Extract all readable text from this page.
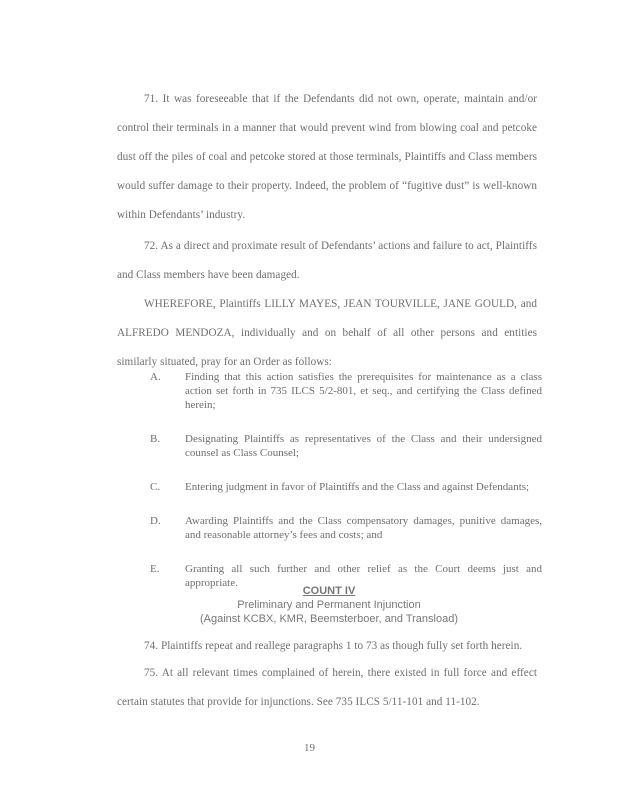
71. It was foreseeable that if the Defendants did not own, operate, maintain and/or control their terminals in a manner that would prevent wind from blowing coal and petcoke dust off the piles of coal and petcoke stored at those terminals, Plaintiffs and Class members would suffer damage to their property. Indeed, the problem of “fugitive dust” is well-known within Defendants’ industry.

72. As a direct and proximate result of Defendants’ actions and failure to act, Plaintiffs and Class members have been damaged.

WHEREFORE, Plaintiffs LILLY MAYES, JEAN TOURVILLE, JANE GOULD, and ALFREDO MENDOZA, individually and on behalf of all other persons and entities similarly situated, pray for an Order as follows:

A. Finding that this action satisfies the prerequisites for maintenance as a class action set forth in 735 ILCS 5/2-801, et seq., and certifying the Class defined herein;
B. Designating Plaintiffs as representatives of the Class and their undersigned counsel as Class Counsel;
C. Entering judgment in favor of Plaintiffs and the Class and against Defendants;
D. Awarding Plaintiffs and the Class compensatory damages, punitive damages, and reasonable attorney’s fees and costs; and
E. Granting all such further and other relief as the Court deems just and appropriate.
COUNT IV
Preliminary and Permanent Injunction
(Against KCBX, KMR, Beemsterboer, and Transload)

74. Plaintiffs repeat and reallege paragraphs 1 to 73 as though fully set forth herein.

75. At all relevant times complained of herein, there existed in full force and effect certain statutes that provide for injunctions. See 735 ILCS 5/11-101 and 11-102.

19
